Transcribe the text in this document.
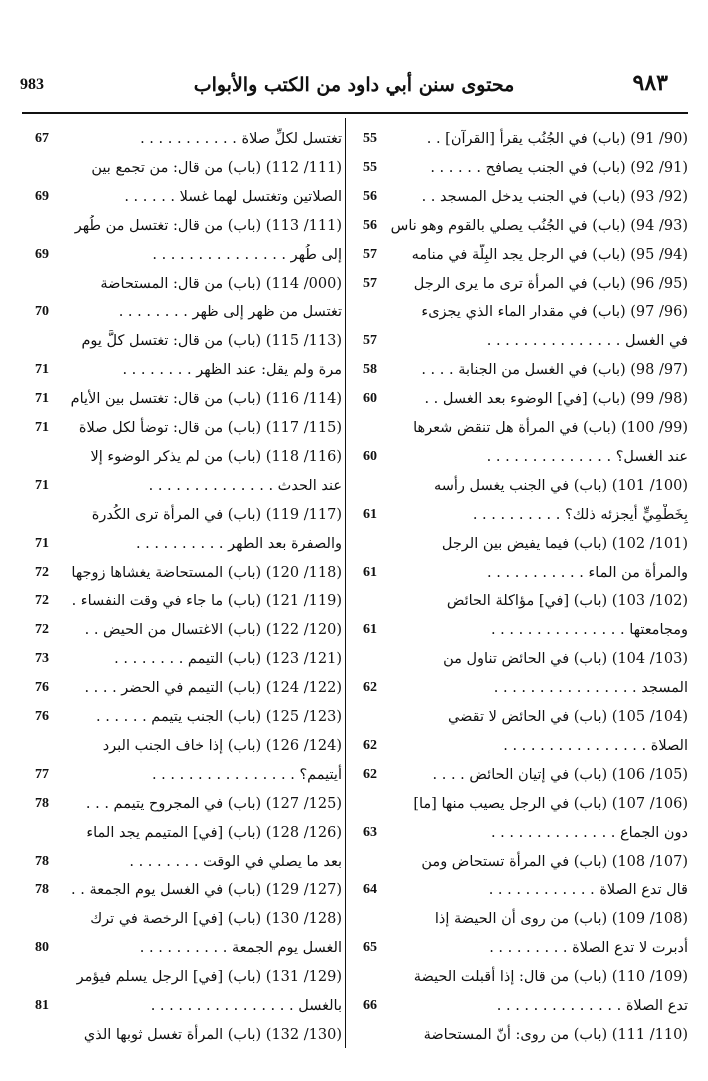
٩٨٣
محتوى سنن أبي داود من الكتب والأبواب
983
55	(90/ 91) (باب) في الجُنُب يقرأ [القرآن] . .
55	(91/ 92) (باب) في الجنب يصافح . . . . . .
56	(92/ 93) (باب) في الجنب يدخل المسجد . .
56 (93/ 94) (باب) في الجُنُب يصلي بالقوم وهو ناس
57	(94/ 95) (باب) في الرجل يجد البِلَّة في منامه
57	(95/ 96) (باب) في المرأة ترى ما يرى الرجل
(96/ 97) (باب) في مقدار الماء الذي يجزىء
57	في الغسل . . . . . . . . . . . . . . .
58	(97/ 98) (باب) في الغسل من الجنابة . . . .
60	(98/ 99) (باب) [في] الوضوء بعد الغسل . .
(99/ 100) (باب) في المرأة هل تنقض شعرها
60	عند الغسل؟ . . . . . . . . . . . . . .
(100/ 101) (باب) في الجنب يغسل رأسه
61	بِخَطْمِيٍّ أيجزئه ذلك؟ . . . . . . . . . .
(101/ 102) (باب) فيما يفيض بين الرجل
61	والمرأة من الماء . . . . . . . . . . .
(102/ 103) (باب) [في] مؤاكلة الحائض
61	ومجامعتها . . . . . . . . . . . . . . .
(103/ 104) (باب) في الحائض تناول من
62	المسجد . . . . . . . . . . . . . . . .
(104/ 105) (باب) في الحائض لا تقضي
62	الصلاة . . . . . . . . . . . . . . . .
62	(105/ 106) (باب) في إتيان الحائض . . . .
(106/ 107) (باب) في الرجل يصيب منها [ما]
63	دون الجماع . . . . . . . . . . . . . .
(107/ 108) (باب) في المرأة تستحاض ومن
64	قال تدع الصلاة . . . . . . . . . . . .
(108/ 109) (باب) من روى أن الحيضة إذا
65	أدبرت لا تدع الصلاة . . . . . . . . .
(109/ 110) (باب) من قال: إذا أقبلت الحيضة
66	تدع الصلاة . . . . . . . . . . . . . .
(110/ 111) (باب) من روى: أنّ المستحاضة
67	تغتسل لكلِّ صلاة . . . . . . . . . . .
(111/ 112) (باب) من قال: من تجمع بين
69	الصلاتين وتغتسل لهما غسلا . . . . . .
(111/ 113) (باب) من قال: تغتسل من طُهر
69	إلى طُهر . . . . . . . . . . . . . . .
(000/ 114) (باب) من قال: المستحاضة
70	تغتسل من ظهر إلى ظهر . . . . . . . .
(113/ 115) (باب) من قال: تغتسل كلَّ يوم
71	مرة ولم يقل: عند الظهر . . . . . . . .
71	(114/ 116) (باب) من قال: تغتسل بين الأيام
71	(115/ 117) (باب) من قال: توضأ لكل صلاة
(116/ 118) (باب) من لم يذكر الوضوء إلا
71	عند الحدث . . . . . . . . . . . . . .
(117/ 119) (باب) في المرأة ترى الكُدرة
71	والصفرة بعد الطهر . . . . . . . . . .
72	(118/ 120) (باب) المستحاضة يغشاها زوجها
72	(119/ 121) (باب) ما جاء في وقت النفساء .
72	(120/ 122) (باب) الاغتسال من الحيض . .
73	(121/ 123) (باب) التيمم . . . . . . . .
76	(122/ 124) (باب) التيمم في الحضر . . . .
76	(123/ 125) (باب) الجنب يتيمم . . . . . .
(124/ 126) (باب) إذا خاف الجنب البرد
77	أيتيمم؟ . . . . . . . . . . . . . . . .
78	(125/ 127) (باب) في المجروح يتيمم . . .
(126/ 128) (باب) [في] المتيمم يجد الماء
78	بعد ما يصلي في الوقت . . . . . . . .
78	(127/ 129) (باب) في الغسل يوم الجمعة . .
(128/ 130) (باب) [في] الرخصة في ترك
80	الغسل يوم الجمعة . . . . . . . . . .
(129/ 131) (باب) [في] الرجل يسلم فيؤمر
81	بالغسل . . . . . . . . . . . . . . . .
(130/ 132) (باب) المرأة تغسل ثوبها الذي
